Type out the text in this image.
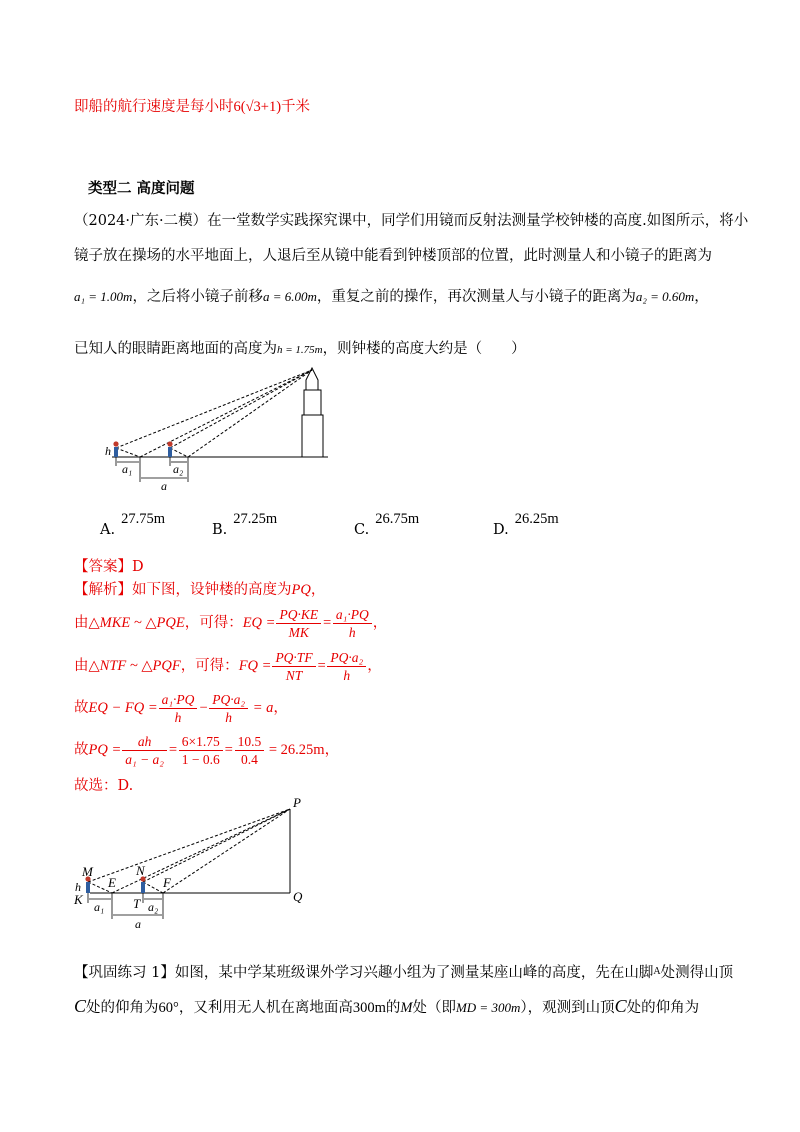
即船的航行速度是每小时6(√3+1)千米
类型二 高度问题
（2024·广东·二模）在一堂数学实践探究课中，同学们用镜而反射法测量学校钟楼的高度.如图所示，将小
镜子放在操场的水平地面上，人退后至从镜中能看到钟楼顶部的位置，此时测量人和小镜子的距离为
a₁ = 1.00m，之后将小镜子前移a = 6.00m，重复之前的操作，再次测量人与小镜子的距离为a₂ = 0.60m，
已知人的眼睛距离地面的高度为h = 1.75m，则钟楼的高度大约是（　　）
h
a₁	a₂
a
A.27.75m
B.27.25m
C.26.75m
D.26.25m
【答案】D
【解析】如下图，设钟楼的高度为PQ，
由 △MKE ~ △PQE ，可得： EQ = $\frac{PQ\cdot KE}{MK} = \frac{\text{a₁·PQ}}{h}$ ，
由 △NTF ~ △PQF ，可得： FQ = $\frac{PQ\cdot TF}{NT} = \frac{\text{PQ·a₂}}{h}$ ，
故 EQ − FQ = $\frac{\text{a₁·PQ}}{h} - \frac{\text{PQ·a₂}}{h}$
= a ，
故 PQ = $\frac{ah}{\text{a₁ − a₂}} = \frac{6\times 1.75}{1 - 0.6} = \frac{10.5}{0.4}$
= 26.25m ，
故选：D.
P
Q
M	N
E	F
h
K	T
a₁	a₂
a
【巩固练习 1】如图，某中学某班级课外学习兴趣小组为了测量某座山峰的高度，先在山脚$^A$处测得山顶
C处的仰角为60°，又利用无人机在离地面高300m的M处（即MD = 300m），观测到山顶C处的仰角为
